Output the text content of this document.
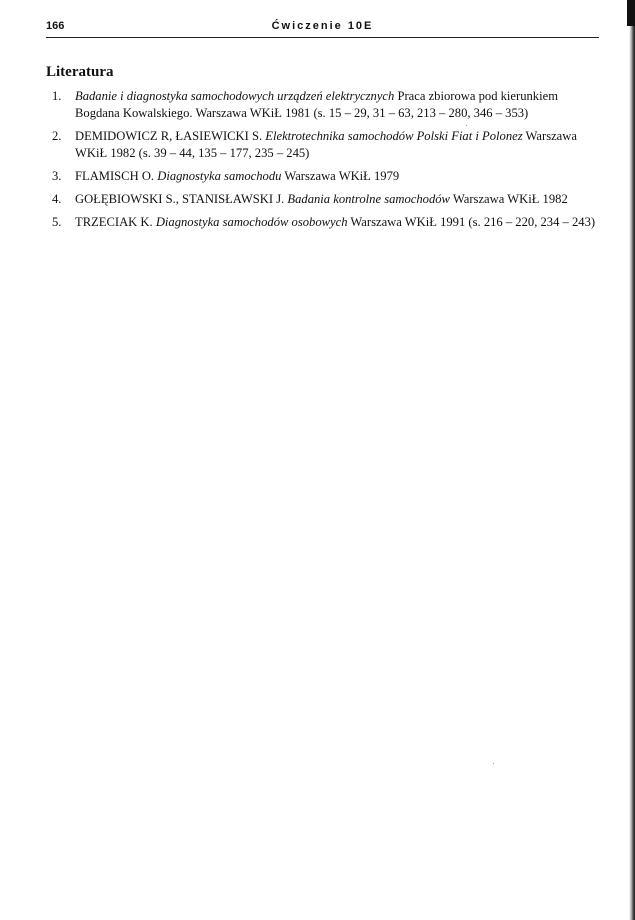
166	Ćwiczenie 10E
Literatura
1. Badanie i diagnostyka samochodowych urządzeń elektrycznych Praca zbiorowa pod kierunkiem Bogdana Kowalskiego. Warszawa WKiŁ 1981 (s. 15 – 29, 31 – 63, 213 – 280, 346 – 353)
2. DEMIDOWICZ R, ŁASIEWICKI S. Elektrotechnika samochodów Polski Fiat i Polonez Warszawa WKiŁ 1982 (s. 39 – 44, 135 – 177, 235 – 245)
3. FLAMISCH O. Diagnostyka samochodu Warszawa WKiŁ 1979
4. GOŁĘBIOWSKI S., STANISŁAWSKI J. Badania kontrolne samochodów Warszawa WKiŁ 1982
5. TRZECIAK K. Diagnostyka samochodów osobowych Warszawa WKiŁ 1991 (s. 216 – 220, 234 – 243)
